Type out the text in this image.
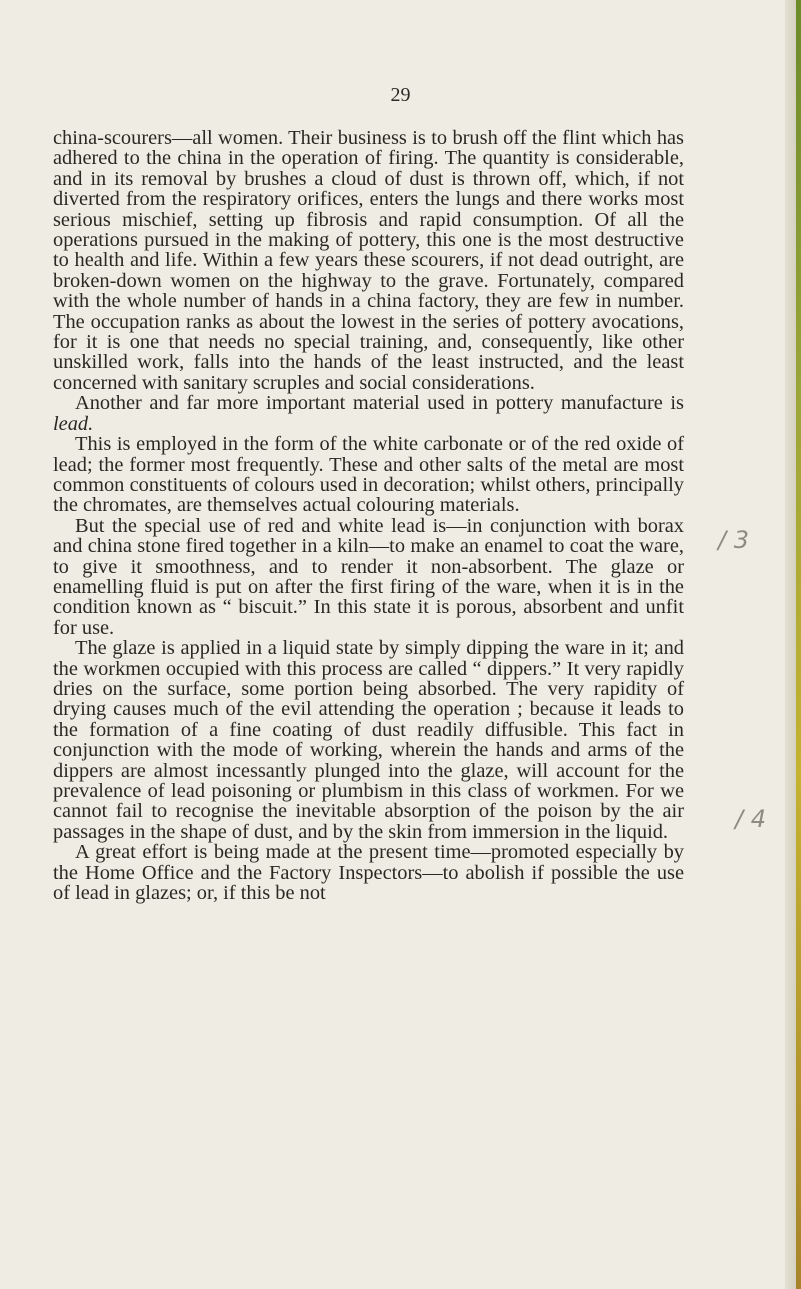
29

china-scourers—all women. Their business is to brush off the flint which has adhered to the china in the operation of firing. The quantity is considerable, and in its removal by brushes a cloud of dust is thrown off, which, if not diverted from the respiratory orifices, enters the lungs and there works most serious mischief, setting up fibrosis and rapid consumption. Of all the operations pursued in the making of pottery, this one is the most destructive to health and life. Within a few years these scourers, if not dead outright, are broken-down women on the highway to the grave. Fortunately, compared with the whole number of hands in a china factory, they are few in number. The occupation ranks as about the lowest in the series of pottery avocations, for it is one that needs no special training, and, consequently, like other unskilled work, falls into the hands of the least instructed, and the least concerned with sanitary scruples and social considerations.

Another and far more important material used in pottery manufacture is lead.

This is employed in the form of the white carbonate or of the red oxide of lead; the former most frequently. These and other salts of the metal are most common constituents of colours used in decoration; whilst others, principally the chromates, are themselves actual colouring materials.

But the special use of red and white lead is—in conjunction with borax and china stone fired together in a kiln—to make an enamel to coat the ware, to give it smoothness, and to render it non-absorbent. The glaze or enamelling fluid is put on after the first firing of the ware, when it is in the condition known as “ biscuit.” In this state it is porous, absorbent and unfit for use.

The glaze is applied in a liquid state by simply dipping the ware in it; and the workmen occupied with this process are called “ dippers.” It very rapidly dries on the surface, some portion being absorbed. The very rapidity of drying causes much of the evil attending the operation ; because it leads to the formation of a fine coating of dust readily diffusible. This fact in conjunction with the mode of working, wherein the hands and arms of the dippers are almost incessantly plunged into the glaze, will account for the prevalence of lead poisoning or plumbism in this class of workmen. For we cannot fail to recognise the inevitable absorption of the poison by the air passages in the shape of dust, and by the skin from immersion in the liquid.

A great effort is being made at the present time—promoted especially by the Home Office and the Factory Inspectors—to abolish if possible the use of lead in glazes; or, if this be not

/ 3
/ 4
